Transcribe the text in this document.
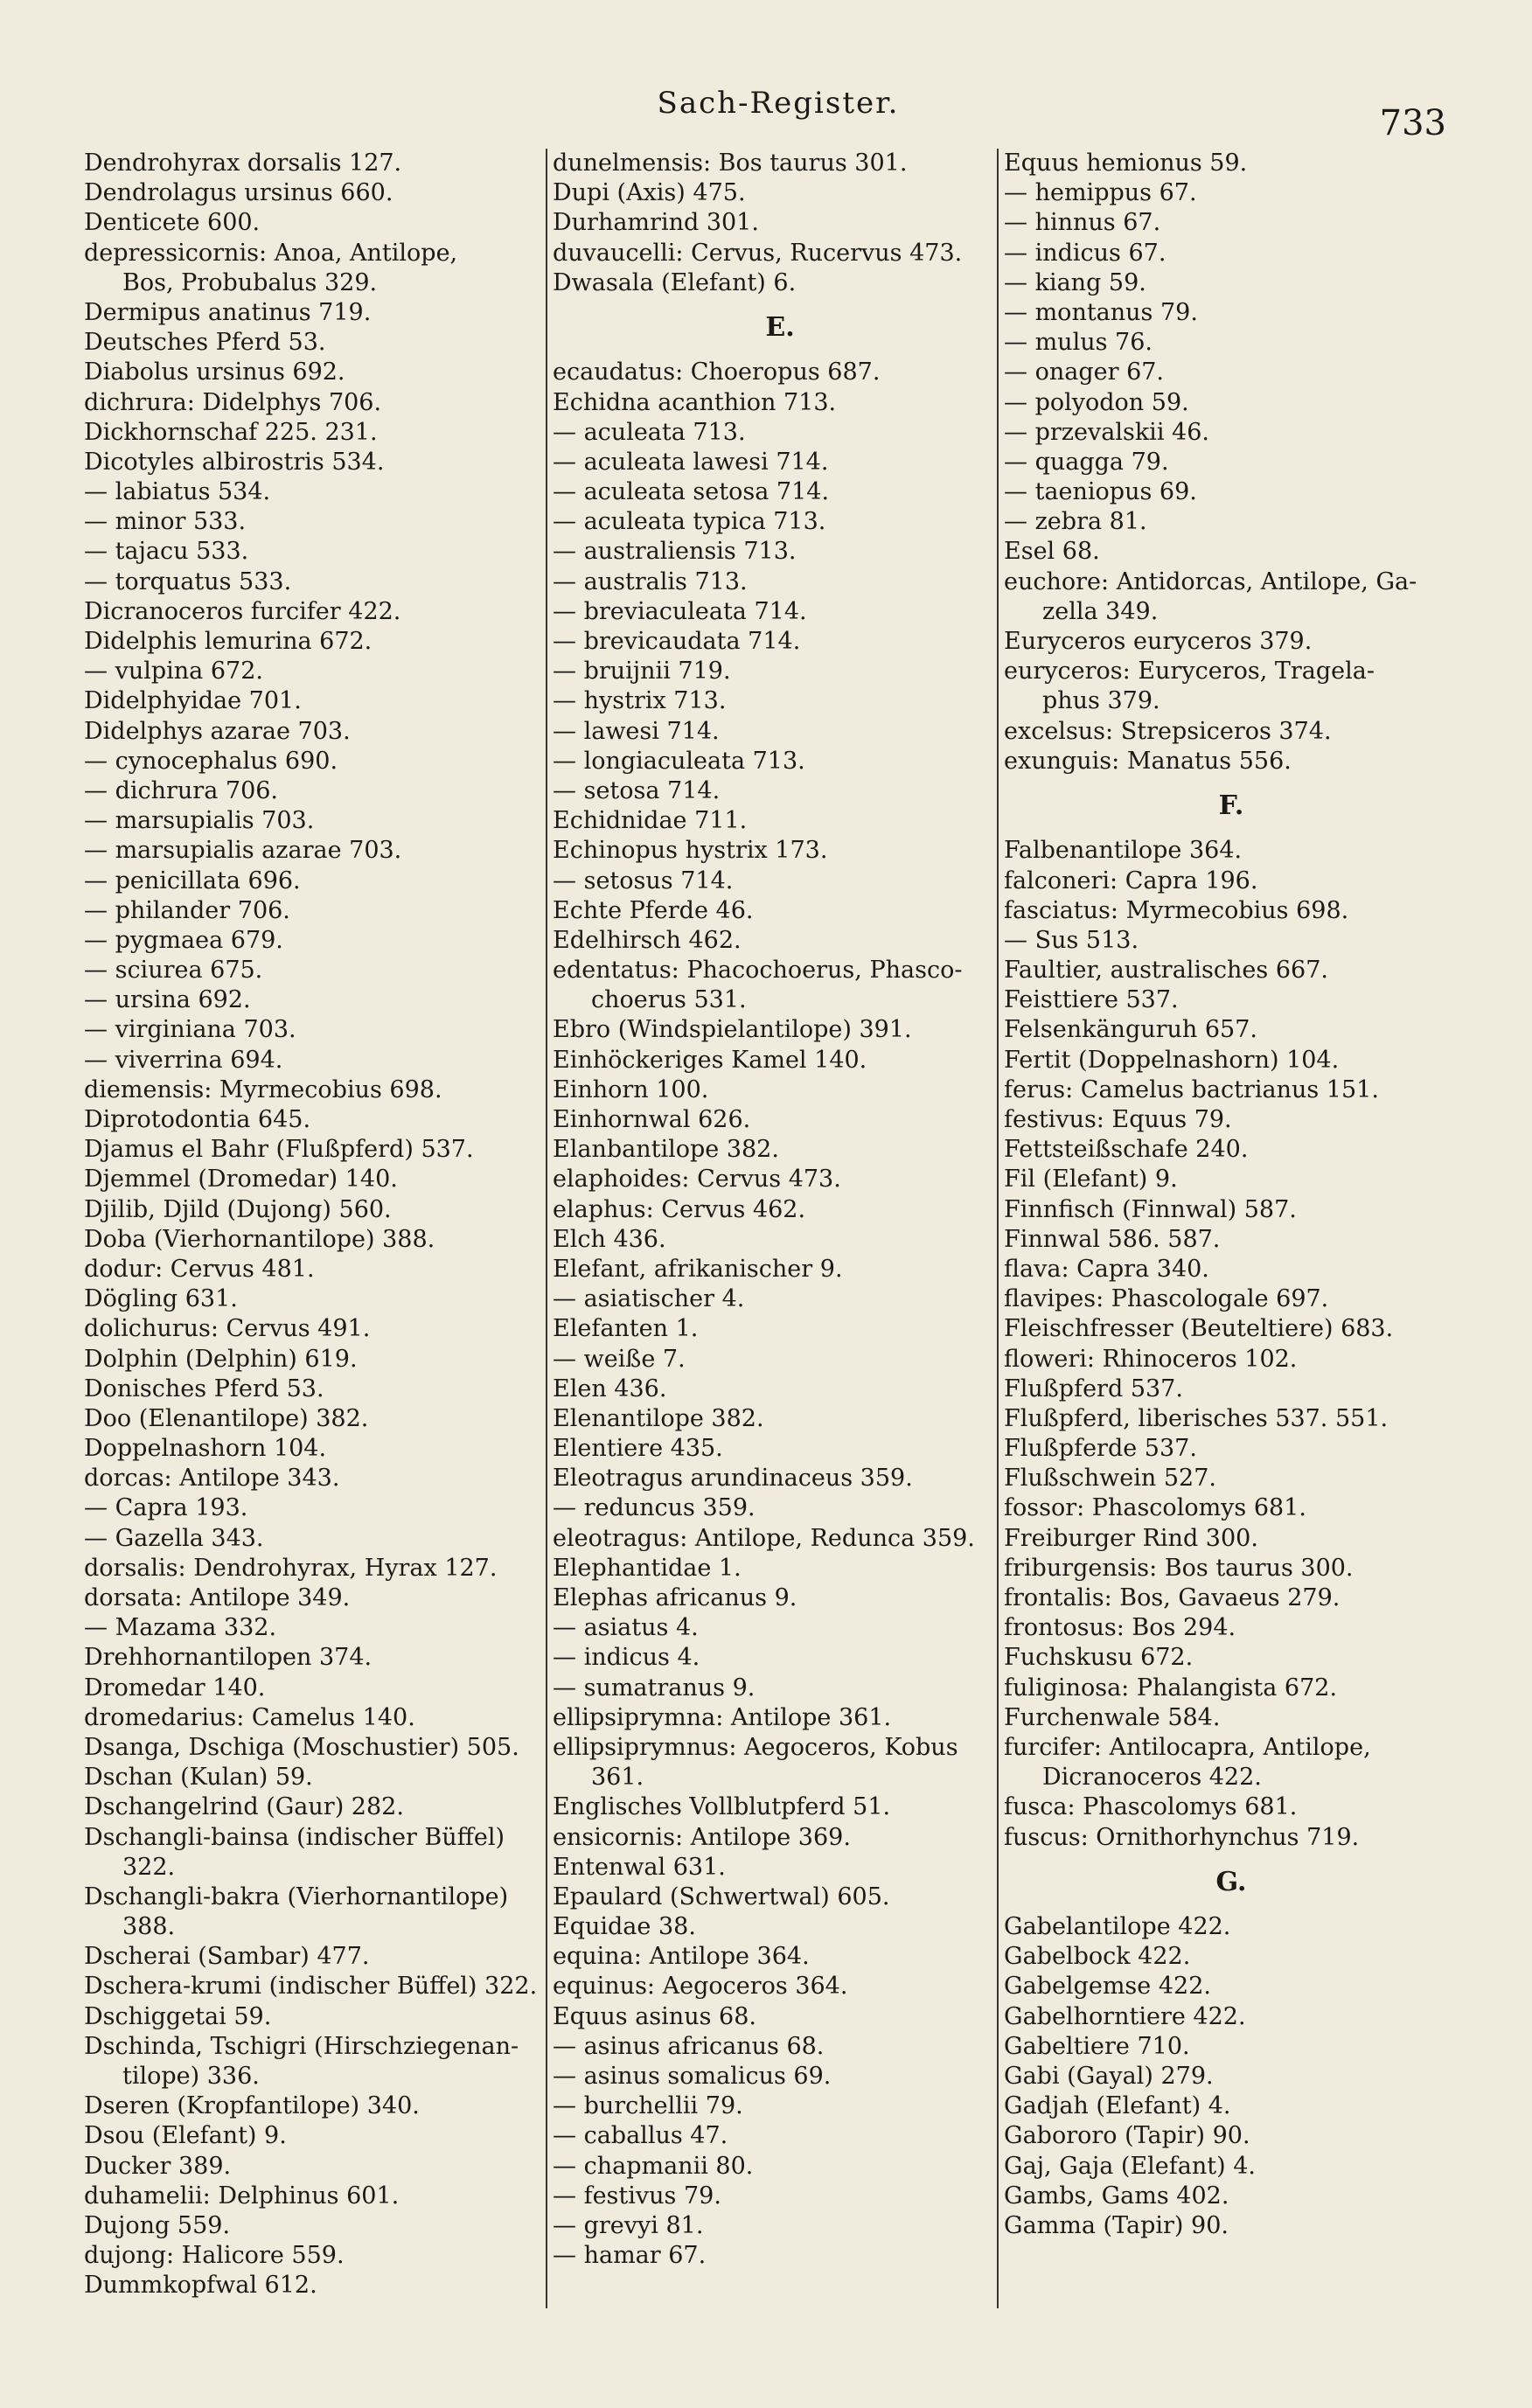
Sach-Register.	733
Dendrohyrax dorsalis 127.
Dendrolagus ursinus 660.
Denticete 600.
depressicornis: Anoa, Antilope,
Bos, Probubalus 329.
Dermipus anatinus 719.
Deutsches Pferd 53.
Diabolus ursinus 692.
dichrura: Didelphys 706.
Dickhornschaf 225. 231.
Dicotyles albirostris 534.
— labiatus 534.
— minor 533.
— tajacu 533.
— torquatus 533.
Dicranoceros furcifer 422.
Didelphis lemurina 672.
— vulpina 672.
Didelphyidae 701.
Didelphys azarae 703.
— cynocephalus 690.
— dichrura 706.
— marsupialis 703.
— marsupialis azarae 703.
— penicillata 696.
— philander 706.
— pygmaea 679.
— sciurea 675.
— ursina 692.
— virginiana 703.
— viverrina 694.
diemensis: Myrmecobius 698.
Diprotodontia 645.
Djamus el Bahr (Flußpferd) 537.
Djemmel (Dromedar) 140.
Djilib, Djild (Dujong) 560.
Doba (Vierhornantilope) 388.
dodur: Cervus 481.
Dögling 631.
dolichurus: Cervus 491.
Dolphin (Delphin) 619.
Donisches Pferd 53.
Doo (Elenantilope) 382.
Doppelnashorn 104.
dorcas: Antilope 343.
— Capra 193.
— Gazella 343.
dorsalis: Dendrohyrax, Hyrax 127.
dorsata: Antilope 349.
— Mazama 332.
Drehhornantilopen 374.
Dromedar 140.
dromedarius: Camelus 140.
Dsanga, Dschiga (Moschustier) 505.
Dschan (Kulan) 59.
Dschangelrind (Gaur) 282.
Dschangli-bainsa (indischer Büffel)
322.
Dschangli-bakra (Vierhornantilope)
388.
Dscherai (Sambar) 477.
Dschera-krumi (indischer Büffel) 322.
Dschiggetai 59.
Dschinda, Tschigri (Hirschziegenan-
tilope) 336.
Dseren (Kropfantilope) 340.
Dsou (Elefant) 9.
Ducker 389.
duhamelii: Delphinus 601.
Dujong 559.
dujong: Halicore 559.
Dummkopfwal 612.
dunelmensis: Bos taurus 301.
Dupi (Axis) 475.
Durhamrind 301.
duvaucelli: Cervus, Rucervus 473.
Dwasala (Elefant) 6.
E.
ecaudatus: Choeropus 687.
Echidna acanthion 713.
— aculeata 713.
— aculeata lawesi 714.
— aculeata setosa 714.
— aculeata typica 713.
— australiensis 713.
— australis 713.
— breviaculeata 714.
— brevicaudata 714.
— bruijnii 719.
— hystrix 713.
— lawesi 714.
— longiaculeata 713.
— setosa 714.
Echidnidae 711.
Echinopus hystrix 173.
— setosus 714.
Echte Pferde 46.
Edelhirsch 462.
edentatus: Phacochoerus, Phasco-
choerus 531.
Ebro (Windspielantilope) 391.
Einhöckeriges Kamel 140.
Einhorn 100.
Einhornwal 626.
Elanbantilope 382.
elaphoides: Cervus 473.
elaphus: Cervus 462.
Elch 436.
Elefant, afrikanischer 9.
— asiatischer 4.
Elefanten 1.
— weiße 7.
Elen 436.
Elenantilope 382.
Elentiere 435.
Eleotragus arundinaceus 359.
— reduncus 359.
eleotragus: Antilope, Redunca 359.
Elephantidae 1.
Elephas africanus 9.
— asiatus 4.
— indicus 4.
— sumatranus 9.
ellipsiprymna: Antilope 361.
ellipsiprymnus: Aegoceros, Kobus
361.
Englisches Vollblutpferd 51.
ensicornis: Antilope 369.
Entenwal 631.
Epaulard (Schwertwal) 605.
Equidae 38.
equina: Antilope 364.
equinus: Aegoceros 364.
Equus asinus 68.
— asinus africanus 68.
— asinus somalicus 69.
— burchellii 79.
— caballus 47.
— chapmanii 80.
— festivus 79.
— grevyi 81.
— hamar 67.
Equus hemionus 59.
— hemippus 67.
— hinnus 67.
— indicus 67.
— kiang 59.
— montanus 79.
— mulus 76.
— onager 67.
— polyodon 59.
— przevalskii 46.
— quagga 79.
— taeniopus 69.
— zebra 81.
Esel 68.
euchore: Antidorcas, Antilope, Ga-
zella 349.
Euryceros euryceros 379.
euryceros: Euryceros, Tragela-
phus 379.
excelsus: Strepsiceros 374.
exunguis: Manatus 556.
F.
Falbenantilope 364.
falconeri: Capra 196.
fasciatus: Myrmecobius 698.
— Sus 513.
Faultier, australisches 667.
Feisttiere 537.
Felsenkänguruh 657.
Fertit (Doppelnashorn) 104.
ferus: Camelus bactrianus 151.
festivus: Equus 79.
Fettsteißschafe 240.
Fil (Elefant) 9.
Finnfisch (Finnwal) 587.
Finnwal 586. 587.
flava: Capra 340.
flavipes: Phascologale 697.
Fleischfresser (Beuteltiere) 683.
floweri: Rhinoceros 102.
Flußpferd 537.
Flußpferd, liberisches 537. 551.
Flußpferde 537.
Flußschwein 527.
fossor: Phascolomys 681.
Freiburger Rind 300.
friburgensis: Bos taurus 300.
frontalis: Bos, Gavaeus 279.
frontosus: Bos 294.
Fuchskusu 672.
fuliginosa: Phalangista 672.
Furchenwale 584.
furcifer: Antilocapra, Antilope,
Dicranoceros 422.
fusca: Phascolomys 681.
fuscus: Ornithorhynchus 719.
G.
Gabelantilope 422.
Gabelbock 422.
Gabelgemse 422.
Gabelhorntiere 422.
Gabeltiere 710.
Gabi (Gayal) 279.
Gadjah (Elefant) 4.
Gabororo (Tapir) 90.
Gaj, Gaja (Elefant) 4.
Gambs, Gams 402.
Gamma (Tapir) 90.
